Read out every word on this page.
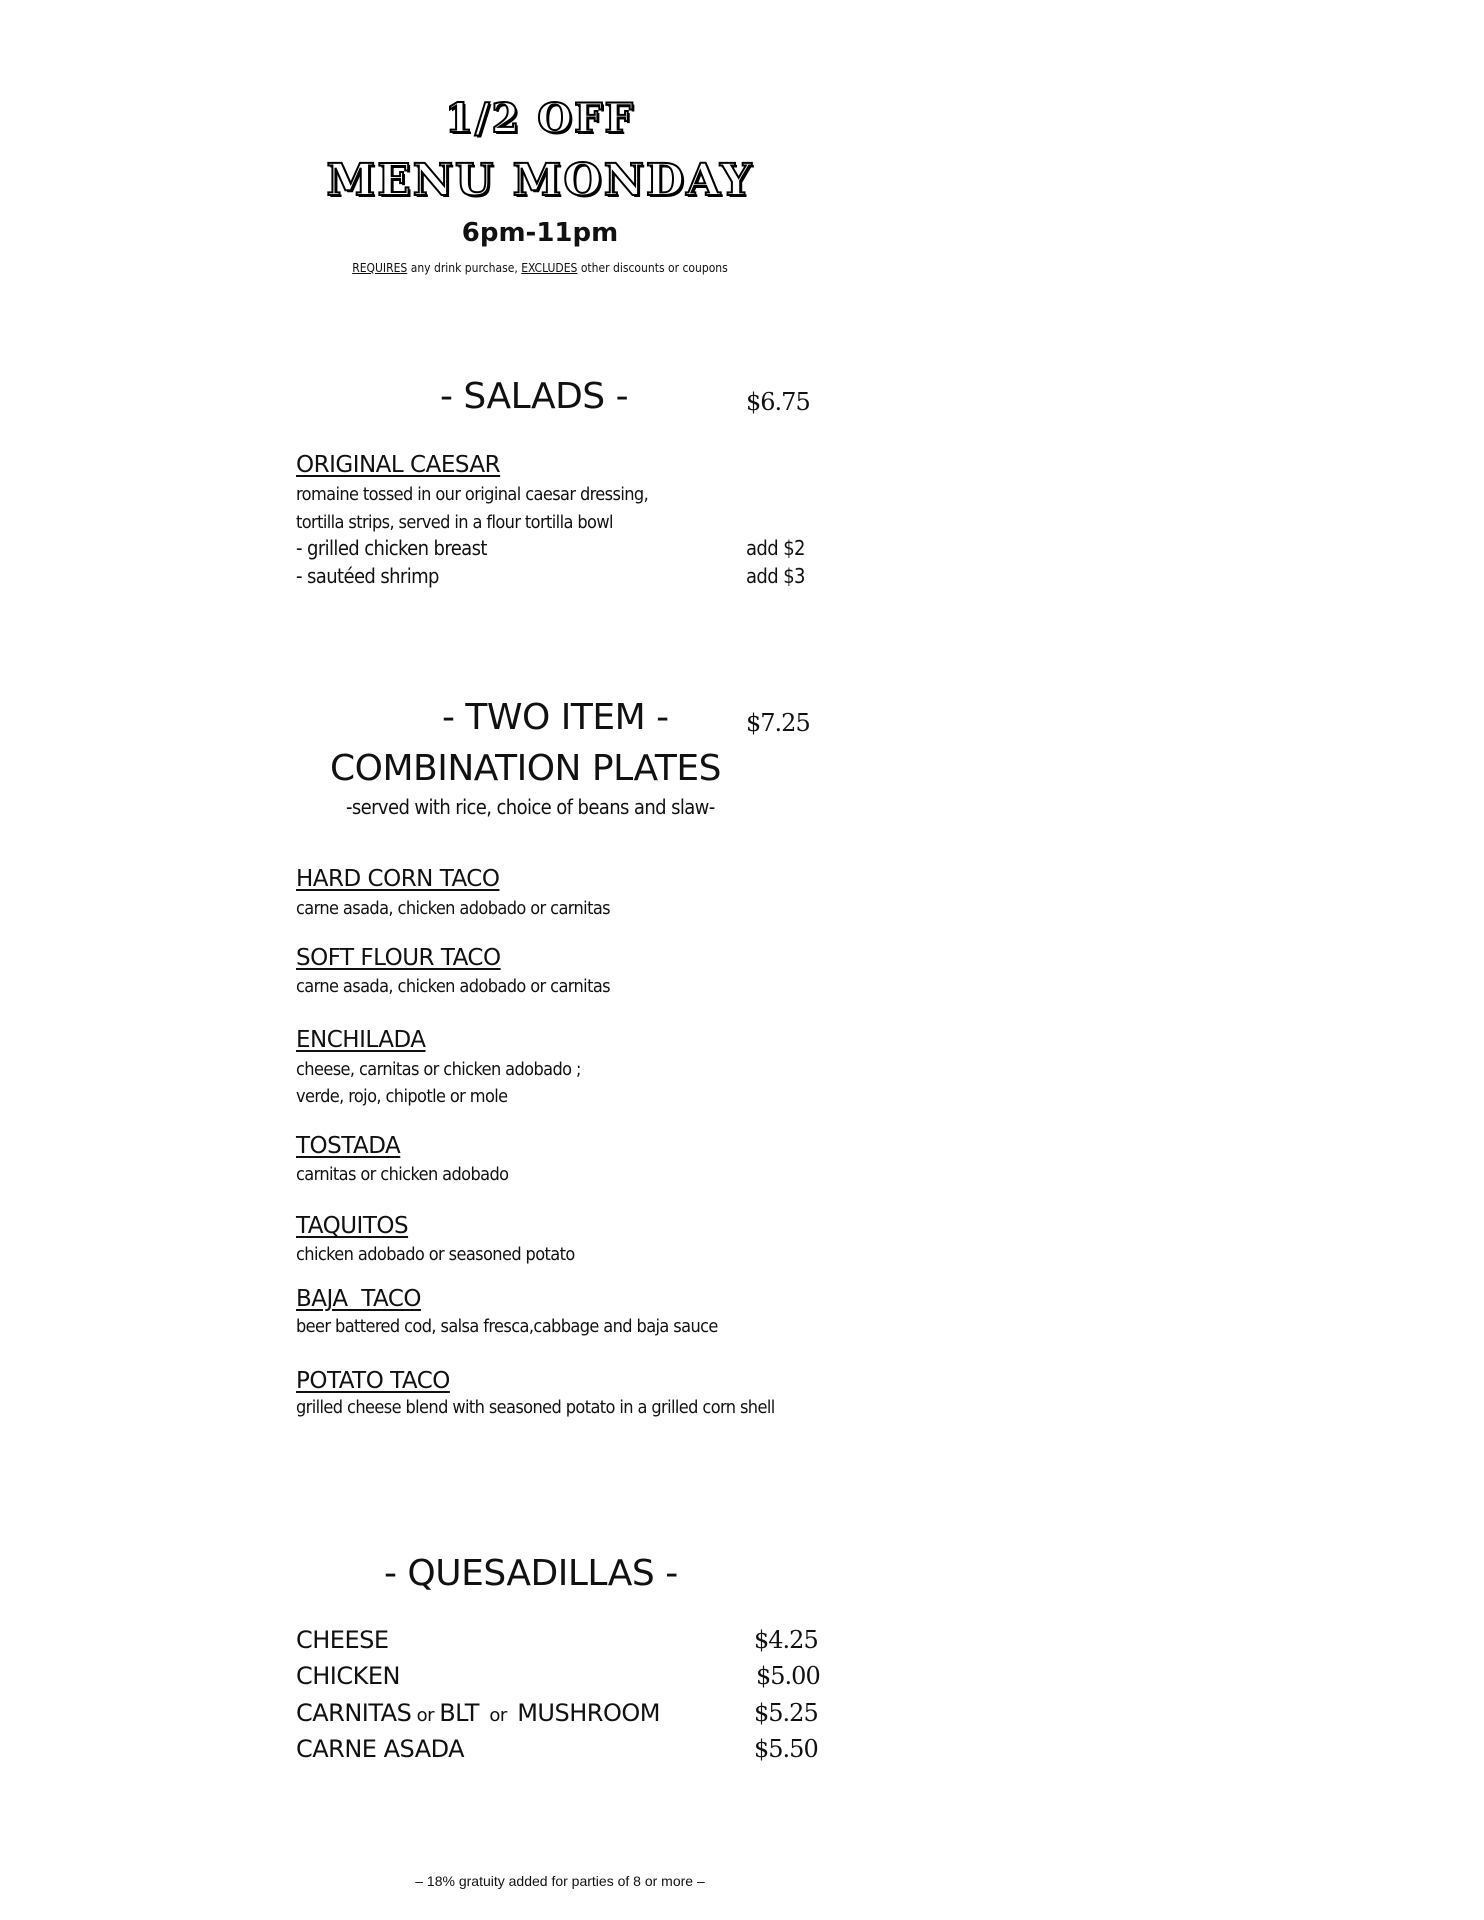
1/2 OFF
MENU MONDAY
6pm-11pm
REQUIRES any drink purchase, EXCLUDES other discounts or coupons
- SALADS -	$6.75
ORIGINAL CAESAR
romaine tossed in our original caesar dressing,
tortilla strips, served in a flour tortilla bowl
- grilled chicken breast	add $2
- sautéed shrimp	add $3
- TWO ITEM -	$7.25
COMBINATION PLATES
-served with rice, choice of beans and slaw-
HARD CORN TACO
carne asada, chicken adobado or carnitas
SOFT FLOUR TACO
carne asada, chicken adobado or carnitas
ENCHILADA
cheese, carnitas or chicken adobado ;
verde, rojo, chipotle or mole
TOSTADA
carnitas or chicken adobado
TAQUITOS
chicken adobado or seasoned potato
BAJA  TACO
beer battered cod, salsa fresca,cabbage and baja sauce
POTATO TACO
grilled cheese blend with seasoned potato in a grilled corn shell
- QUESADILLAS -
CHEESE	$4.25
CHICKEN	$5.00
CARNITAS or BLT  or  MUSHROOM	$5.25
CARNE ASADA	$5.50
– 18% gratuity added for parties of 8 or more –
